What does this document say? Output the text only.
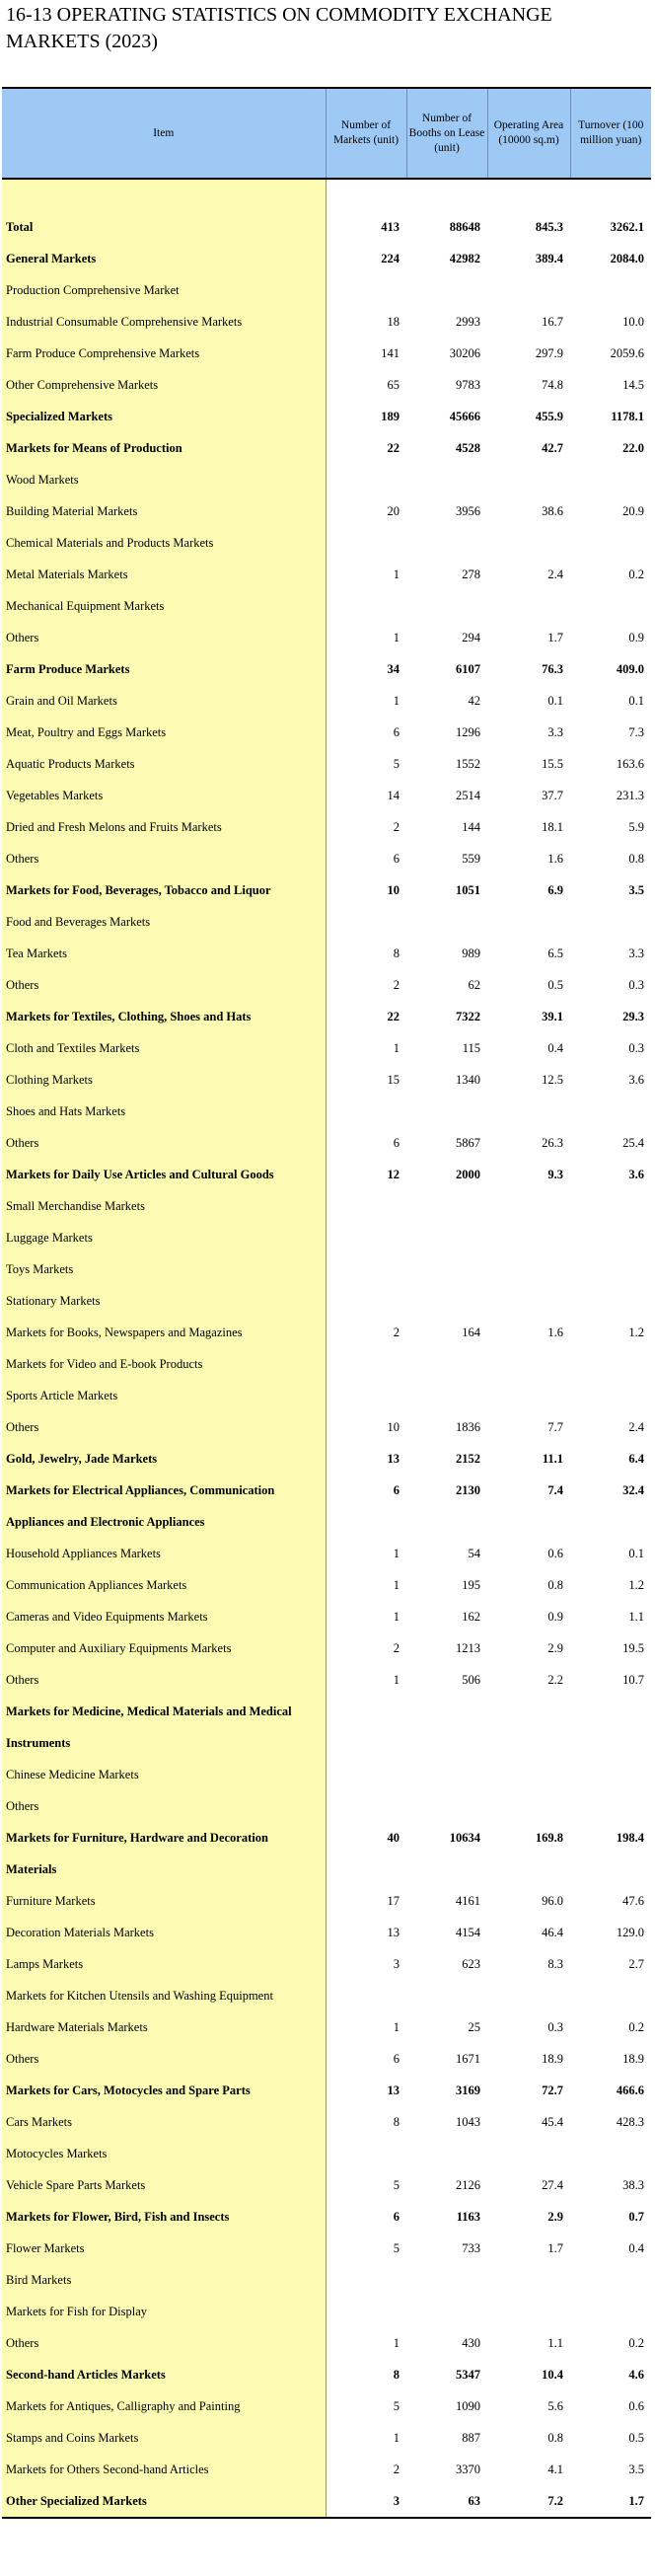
16-13 OPERATING STATISTICS ON COMMODITY EXCHANGE MARKETS (2023)
Item	Number of Markets (unit)	Number of Booths on Lease (unit)	Operating Area (10000 sq.m)	Turnover (100 million yuan)

Total	413	88648	845.3	3262.1
General Markets	224	42982	389.4	2084.0
Production Comprehensive Market				
Industrial Consumable Comprehensive Markets	18	2993	16.7	10.0
Farm Produce Comprehensive Markets	141	30206	297.9	2059.6
Other Comprehensive Markets	65	9783	74.8	14.5
Specialized Markets	189	45666	455.9	1178.1
Markets for Means of Production	22	4528	42.7	22.0
Wood Markets				
Building Material Markets	20	3956	38.6	20.9
Chemical Materials and Products Markets				
Metal Materials Markets	1	278	2.4	0.2
Mechanical Equipment Markets				
Others	1	294	1.7	0.9
Farm Produce Markets	34	6107	76.3	409.0
Grain and Oil Markets	1	42	0.1	0.1
Meat, Poultry and Eggs Markets	6	1296	3.3	7.3
Aquatic Products Markets	5	1552	15.5	163.6
Vegetables Markets	14	2514	37.7	231.3
Dried and Fresh Melons and Fruits Markets	2	144	18.1	5.9
Others	6	559	1.6	0.8
Markets for Food, Beverages, Tobacco and Liquor	10	1051	6.9	3.5
Food and Beverages Markets				
Tea Markets	8	989	6.5	3.3
Others	2	62	0.5	0.3
Markets for Textiles, Clothing, Shoes and Hats	22	7322	39.1	29.3
Cloth and Textiles Markets	1	115	0.4	0.3
Clothing Markets	15	1340	12.5	3.6
Shoes and Hats Markets				
Others	6	5867	26.3	25.4
Markets for Daily Use Articles and Cultural Goods	12	2000	9.3	3.6
Small Merchandise Markets				
Luggage Markets				
Toys Markets				
Stationary Markets				
Markets for Books, Newspapers and Magazines	2	164	1.6	1.2
Markets for Video and E-book Products				
Sports Article Markets				
Others	10	1836	7.7	2.4
Gold, Jewelry, Jade Markets	13	2152	11.1	6.4
Markets for Electrical Appliances, Communication	6	2130	7.4	32.4
Appliances and Electronic Appliances				
Household Appliances Markets	1	54	0.6	0.1
Communication Appliances Markets	1	195	0.8	1.2
Cameras and Video Equipments Markets	1	162	0.9	1.1
Computer and Auxiliary Equipments Markets	2	1213	2.9	19.5
Others	1	506	2.2	10.7
Markets for Medicine, Medical Materials and Medical				
Instruments				
Chinese Medicine Markets				
Others				
Markets for Furniture, Hardware and Decoration	40	10634	169.8	198.4
Materials				
Furniture Markets	17	4161	96.0	47.6
Decoration Materials Markets	13	4154	46.4	129.0
Lamps Markets	3	623	8.3	2.7
Markets for Kitchen Utensils and Washing Equipment				
Hardware Materials Markets	1	25	0.3	0.2
Others	6	1671	18.9	18.9
Markets for Cars, Motocycles and Spare Parts	13	3169	72.7	466.6
Cars Markets	8	1043	45.4	428.3
Motocycles Markets				
Vehicle Spare Parts Markets	5	2126	27.4	38.3
Markets for Flower, Bird, Fish and Insects	6	1163	2.9	0.7
Flower Markets	5	733	1.7	0.4
Bird Markets				
Markets for Fish for Display				
Others	1	430	1.1	0.2
Second-hand Articles Markets	8	5347	10.4	4.6
Markets for Antiques, Calligraphy and Painting	5	1090	5.6	0.6
Stamps and Coins Markets	1	887	0.8	0.5
Markets for Others Second-hand Articles	2	3370	4.1	3.5
Other Specialized Markets	3	63	7.2	1.7
